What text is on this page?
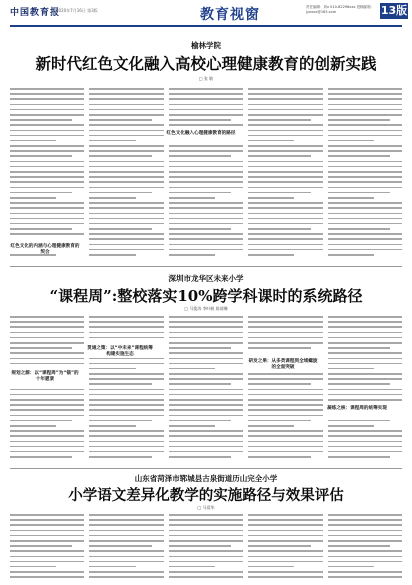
中国教育报
2020年7月16日 第3版	教育视窗	责任编辑：刘x 010-82296xxx 投稿邮箱：jyxxxx@163.com	13版
榆林学院
新时代红色文化融入高校心理健康教育的创新实践
□ 张 敏
红色文化的内涵与心理健康教育的契合
红色文化融入心理健康教育的路径
深圳市龙华区未来小学
“课程周”:整校落实10%跨学科课时的系统路径
□ 马俊涛 李叶帆 陈倩琳
规划之源：以“课程周”为“锚”的十年愿景
贯通之策：以“中未来”课程统筹构建实施生态
研发之果：从多类课程到全域螺旋的全面突破
凝练之核：课程周的统筹实现
山东省菏泽市郓城县古泉街道历山完全小学
小学语文差异化教学的实施路径与效果评估
□ 马爱华
